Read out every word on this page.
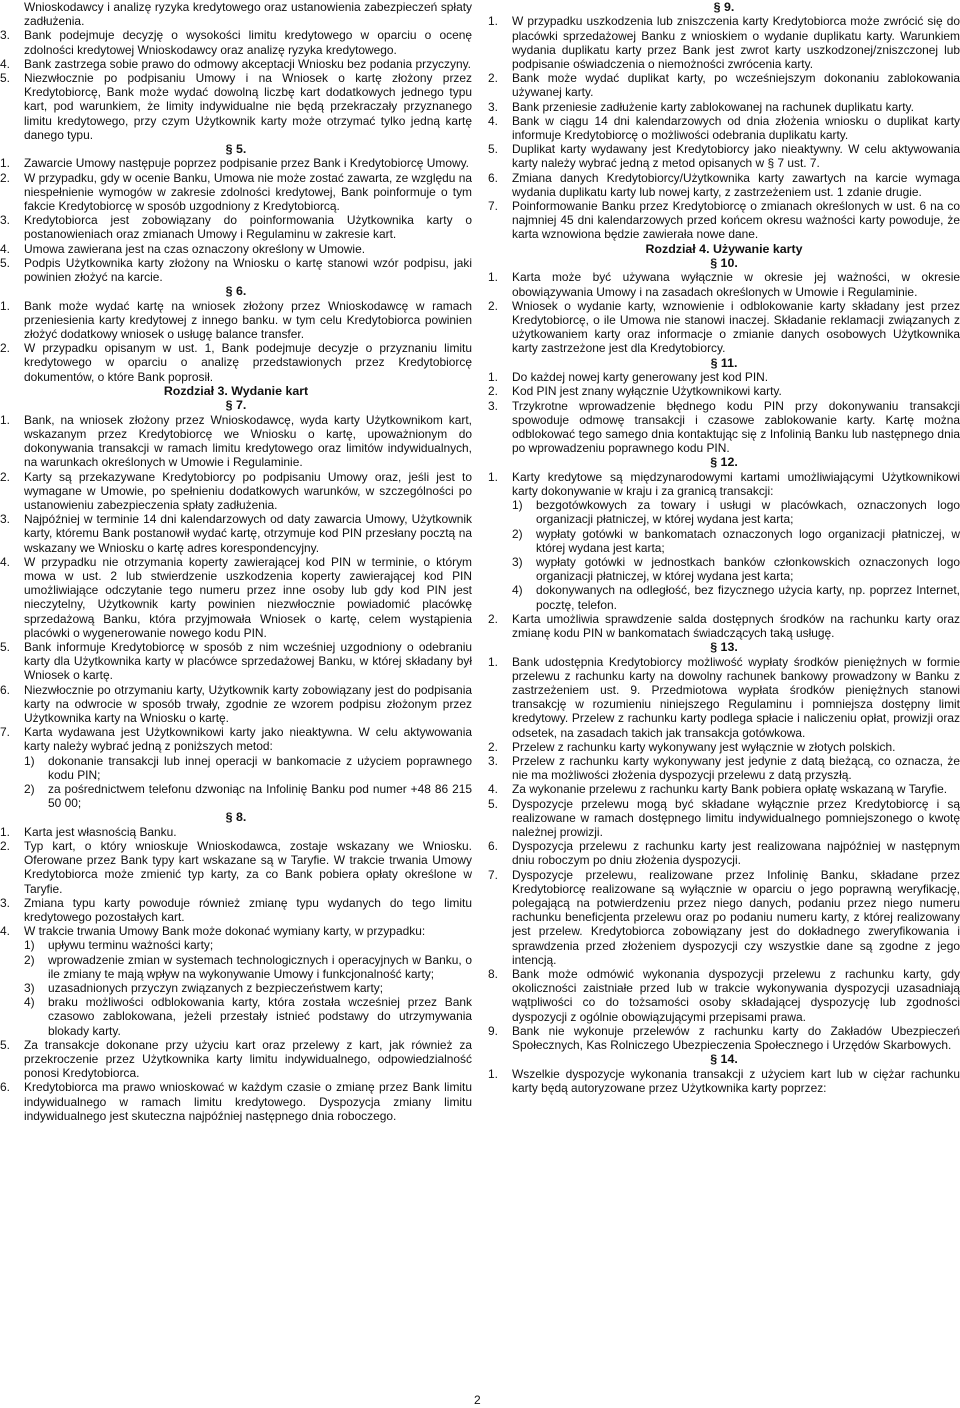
Wnioskodawcy i analizę ryzyka kredytowego oraz ustanowienia zabezpieczeń spłaty zadłużenia.
3.	Bank podejmuje decyzję o wysokości limitu kredytowego w oparciu o ocenę zdolności kredytowej Wnioskodawcy oraz analizę ryzyka kredytowego.
4.	Bank zastrzega sobie prawo do odmowy akceptacji Wniosku bez podania przyczyny.
5.	Niezwłocznie po podpisaniu Umowy i na Wniosek o kartę złożony przez Kredytobiorcę, Bank może wydać dowolną liczbę kart dodatkowych jednego typu kart, pod warunkiem, że limity indywidualne nie będą przekraczały przyznanego limitu kredytowego, przy czym Użytkownik karty może otrzymać tylko jedną kartę danego typu.
§ 5.
1.	Zawarcie Umowy następuje poprzez podpisanie przez Bank i Kredytobiorcę Umowy.
2.	W przypadku, gdy w ocenie Banku, Umowa nie może zostać zawarta, ze względu na niespełnienie wymogów w zakresie zdolności kredytowej, Bank poinformuje o tym fakcie Kredytobiorcę w sposób uzgodniony z Kredytobiorcą.
3.	Kredytobiorca jest zobowiązany do poinformowania Użytkownika karty o postanowieniach oraz zmianach Umowy i Regulaminu w zakresie kart.
4.	Umowa zawierana jest na czas oznaczony określony w Umowie.
5.	Podpis Użytkownika karty złożony na Wniosku o kartę stanowi wzór podpisu, jaki powinien złożyć na karcie.
§ 6.
1.	Bank może wydać kartę na wniosek złożony przez Wnioskodawcę w ramach przeniesienia karty kredytowej z innego banku. w tym celu Kredytobiorca powinien złożyć dodatkowy wniosek o usługę balance transfer.
2.	W przypadku opisanym w ust. 1, Bank podejmuje decyzje o przyznaniu limitu kredytowego w oparciu o analizę przedstawionych przez Kredytobiorcę dokumentów, o które Bank poprosił.
Rozdział 3. Wydanie kart
§ 7.
1.	Bank, na wniosek złożony przez Wnioskodawcę, wyda karty Użytkownikom kart, wskazanym przez Kredytobiorcę we Wniosku o kartę, upoważnionym do dokonywania transakcji w ramach limitu kredytowego oraz limitów indywidualnych, na warunkach określonych w Umowie i Regulaminie.
2.	Karty są przekazywane Kredytobiorcy po podpisaniu Umowy oraz, jeśli jest to wymagane w Umowie, po spełnieniu dodatkowych warunków, w szczególności po ustanowieniu zabezpieczenia spłaty zadłużenia.
3.	Najpóźniej w terminie 14 dni kalendarzowych od daty zawarcia Umowy, Użytkownik karty, któremu Bank postanowił wydać kartę, otrzymuje kod PIN przesłany pocztą na wskazany we Wniosku o kartę adres korespondencyjny.
4.	W przypadku nie otrzymania koperty zawierającej kod PIN w terminie, o którym mowa w ust. 2 lub stwierdzenie uszkodzenia koperty zawierającej kod PIN umożliwiające odczytanie tego numeru przez inne osoby lub gdy kod PIN jest nieczytelny, Użytkownik karty powinien niezwłocznie powiadomić placówkę sprzedażową Banku, która przyjmowała Wniosek o kartę, celem wystąpienia placówki o wygenerowanie nowego kodu PIN.
5.	Bank informuje Kredytobiorcę w sposób z nim wcześniej uzgodniony o odebraniu karty dla Użytkownika karty w placówce sprzedażowej Banku, w której składany był Wniosek o kartę.
6.	Niezwłocznie po otrzymaniu karty, Użytkownik karty zobowiązany jest do podpisania karty na odwrocie w sposób trwały, zgodnie ze wzorem podpisu złożonym przez Użytkownika karty na Wniosku o kartę.
7.	Karta wydawana jest Użytkownikowi karty jako nieaktywna. W celu aktywowania karty należy wybrać jedną z poniższych metod:
1)	dokonanie transakcji lub innej operacji w bankomacie z użyciem poprawnego kodu PIN;
2)	za pośrednictwem telefonu dzwoniąc na Infolinię Banku pod numer +48 86 215 50 00;
§ 8.
1.	Karta jest własnością Banku.
2.	Typ kart, o który wnioskuje Wnioskodawca, zostaje wskazany we Wniosku. Oferowane przez Bank typy kart wskazane są w Taryfie. W trakcie trwania Umowy Kredytobiorca może zmienić typ karty, za co Bank pobiera opłaty określone w Taryfie.
3.	Zmiana typu karty powoduje również zmianę typu wydanych do tego limitu kredytowego pozostałych kart.
4.	W trakcie trwania Umowy Bank może dokonać wymiany karty, w przypadku:
1)	upływu terminu ważności karty;
2)	wprowadzenie zmian w systemach technologicznych i operacyjnych w Banku, o ile zmiany te mają wpływ na wykonywanie Umowy i funkcjonalność karty;
3)	uzasadnionych przyczyn związanych z bezpieczeństwem karty;
4)	braku możliwości odblokowania karty, która została wcześniej przez Bank czasowo zablokowana, jeżeli przestały istnieć podstawy do utrzymywania blokady karty.
5.	Za transakcje dokonane przy użyciu kart oraz przelewy z kart, jak również za przekroczenie przez Użytkownika karty limitu indywidualnego, odpowiedzialność ponosi Kredytobiorca.
6.	Kredytobiorca ma prawo wnioskować w każdym czasie o zmianę przez Bank limitu indywidualnego w ramach limitu kredytowego. Dyspozycja zmiany limitu indywidualnego jest skuteczna najpóźniej następnego dnia roboczego.
§ 9.
1.	W przypadku uszkodzenia lub zniszczenia karty Kredytobiorca może zwrócić się do placówki sprzedażowej Banku z wnioskiem o wydanie duplikatu karty. Warunkiem wydania duplikatu karty przez Bank jest zwrot karty uszkodzonej/zniszczonej lub podpisanie oświadczenia o niemożności zwrócenia karty.
2.	Bank może wydać duplikat karty, po wcześniejszym dokonaniu zablokowania używanej karty.
3.	Bank przeniesie zadłużenie karty zablokowanej na rachunek duplikatu karty.
4.	Bank w ciągu 14 dni kalendarzowych od dnia złożenia wniosku o duplikat karty informuje Kredytobiorcę o możliwości odebrania duplikatu karty.
5.	Duplikat karty wydawany jest Kredytobiorcy jako nieaktywny. W celu aktywowania karty należy wybrać jedną z metod opisanych w § 7 ust. 7.
6.	Zmiana danych Kredytobiorcy/Użytkownika karty zawartych na karcie wymaga wydania duplikatu karty lub nowej karty, z zastrzeżeniem ust. 1 zdanie drugie.
7.	Poinformowanie Banku przez Kredytobiorcę o zmianach określonych w ust. 6 na co najmniej 45 dni kalendarzowych przed końcem okresu ważności karty powoduje, że karta wznowiona będzie zawierała nowe dane.
Rozdział 4. Używanie karty
§ 10.
1.	Karta może być używana wyłącznie w okresie jej ważności, w okresie obowiązywania Umowy i na zasadach określonych w Umowie i Regulaminie.
2.	Wniosek o wydanie karty, wznowienie i odblokowanie karty składany jest przez Kredytobiorcę, o ile Umowa nie stanowi inaczej. Składanie reklamacji związanych z użytkowaniem karty oraz informacje o zmianie danych osobowych Użytkownika karty zastrzeżone jest dla Kredytobiorcy.
§ 11.
1.	Do każdej nowej karty generowany jest kod PIN.
2.	Kod PIN jest znany wyłącznie Użytkownikowi karty.
3.	Trzykrotne wprowadzenie błędnego kodu PIN przy dokonywaniu transakcji spowoduje odmowę transakcji i czasowe zablokowanie karty. Kartę można odblokować tego samego dnia kontaktując się z Infolinią Banku lub następnego dnia po wprowadzeniu poprawnego kodu PIN.
§ 12.
1.	Karty kredytowe są międzynarodowymi kartami umożliwiającymi Użytkownikowi karty dokonywanie w kraju i za granicą transakcji:
1)	bezgotówkowych za towary i usługi w placówkach, oznaczonych logo organizacji płatniczej, w której wydana jest karta;
2)	wypłaty gotówki w bankomatach oznaczonych logo organizacji płatniczej, w której wydana jest karta;
3)	wypłaty gotówki w jednostkach banków członkowskich oznaczonych logo organizacji płatniczej, w której wydana jest karta;
4)	dokonywanych na odległość, bez fizycznego użycia karty, np. poprzez Internet, pocztę, telefon.
2.	Karta umożliwia sprawdzenie salda dostępnych środków na rachunku karty oraz zmianę kodu PIN w bankomatach świadczących taką usługę.
§ 13.
1.	Bank udostępnia Kredytobiorcy możliwość wypłaty środków pieniężnych w formie przelewu z rachunku karty na dowolny rachunek bankowy prowadzony w Banku z zastrzeżeniem ust. 9. Przedmiotowa wypłata środków pieniężnych stanowi transakcję w rozumieniu niniejszego Regulaminu i pomniejsza dostępny limit kredytowy. Przelew z rachunku karty podlega spłacie i naliczeniu opłat, prowizji oraz odsetek, na zasadach takich jak transakcja gotówkowa.
2.	Przelew z rachunku karty wykonywany jest wyłącznie w złotych polskich.
3.	Przelew z rachunku karty wykonywany jest jedynie z datą bieżącą, co oznacza, że nie ma możliwości złożenia dyspozycji przelewu z datą przyszłą.
4.	Za wykonanie przelewu z rachunku karty Bank pobiera opłatę wskazaną w Taryfie.
5.	Dyspozycje przelewu mogą być składane wyłącznie przez Kredytobiorcę i są realizowane w ramach dostępnego limitu indywidualnego pomniejszonego o kwotę należnej prowizji.
6.	Dyspozycja przelewu z rachunku karty jest realizowana najpóźniej w następnym dniu roboczym po dniu złożenia dyspozycji.
7.	Dyspozycje przelewu, realizowane przez Infolinię Banku, składane przez Kredytobiorcę realizowane są wyłącznie w oparciu o jego poprawną weryfikację, polegającą na potwierdzeniu przez niego danych, podaniu przez niego numeru rachunku beneficjenta przelewu oraz po podaniu numeru karty, z której realizowany jest przelew. Kredytobiorca zobowiązany jest do dokładnego zweryfikowania i sprawdzenia przed złożeniem dyspozycji czy wszystkie dane są zgodne z jego intencją.
8.	Bank może odmówić wykonania dyspozycji przelewu z rachunku karty, gdy okoliczności zaistniałe przed lub w trakcie wykonywania dyspozycji uzasadniają wątpliwości co do tożsamości osoby składającej dyspozycję lub zgodności dyspozycji z ogólnie obowiązującymi przepisami prawa.
9.	Bank nie wykonuje przelewów z rachunku karty do Zakładów Ubezpieczeń Społecznych, Kas Rolniczego Ubezpieczenia Społecznego i Urzędów Skarbowych.
§ 14.
1.	Wszelkie dyspozycje wykonania transakcji z użyciem kart lub w ciężar rachunku karty będą autoryzowane przez Użytkownika karty poprzez:
2
